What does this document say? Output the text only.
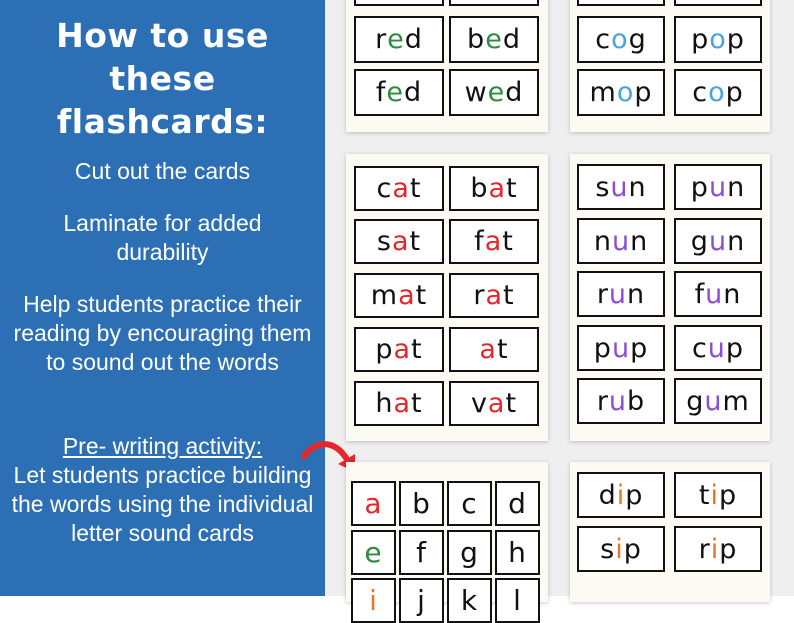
How to use these flashcards:
Cut out the cards
Laminate for added durability
Help students practice their reading by encouraging them to sound out the words
Pre- writing activity:
Let students practice building the words using the individual letter sound cards
r e d b e d
f e d w e d
c o g p o p
m o p c o p
c a t b a t
s a t f a t
m a t r a t
p a t a t
h a t v a t
s u n p u n
n u n g u n
r u n f u n
p u p c u p
r u b g u m
d i p t i p
s i p r i p
a	b	c	d
e	f	g	h
i	j	k	l
